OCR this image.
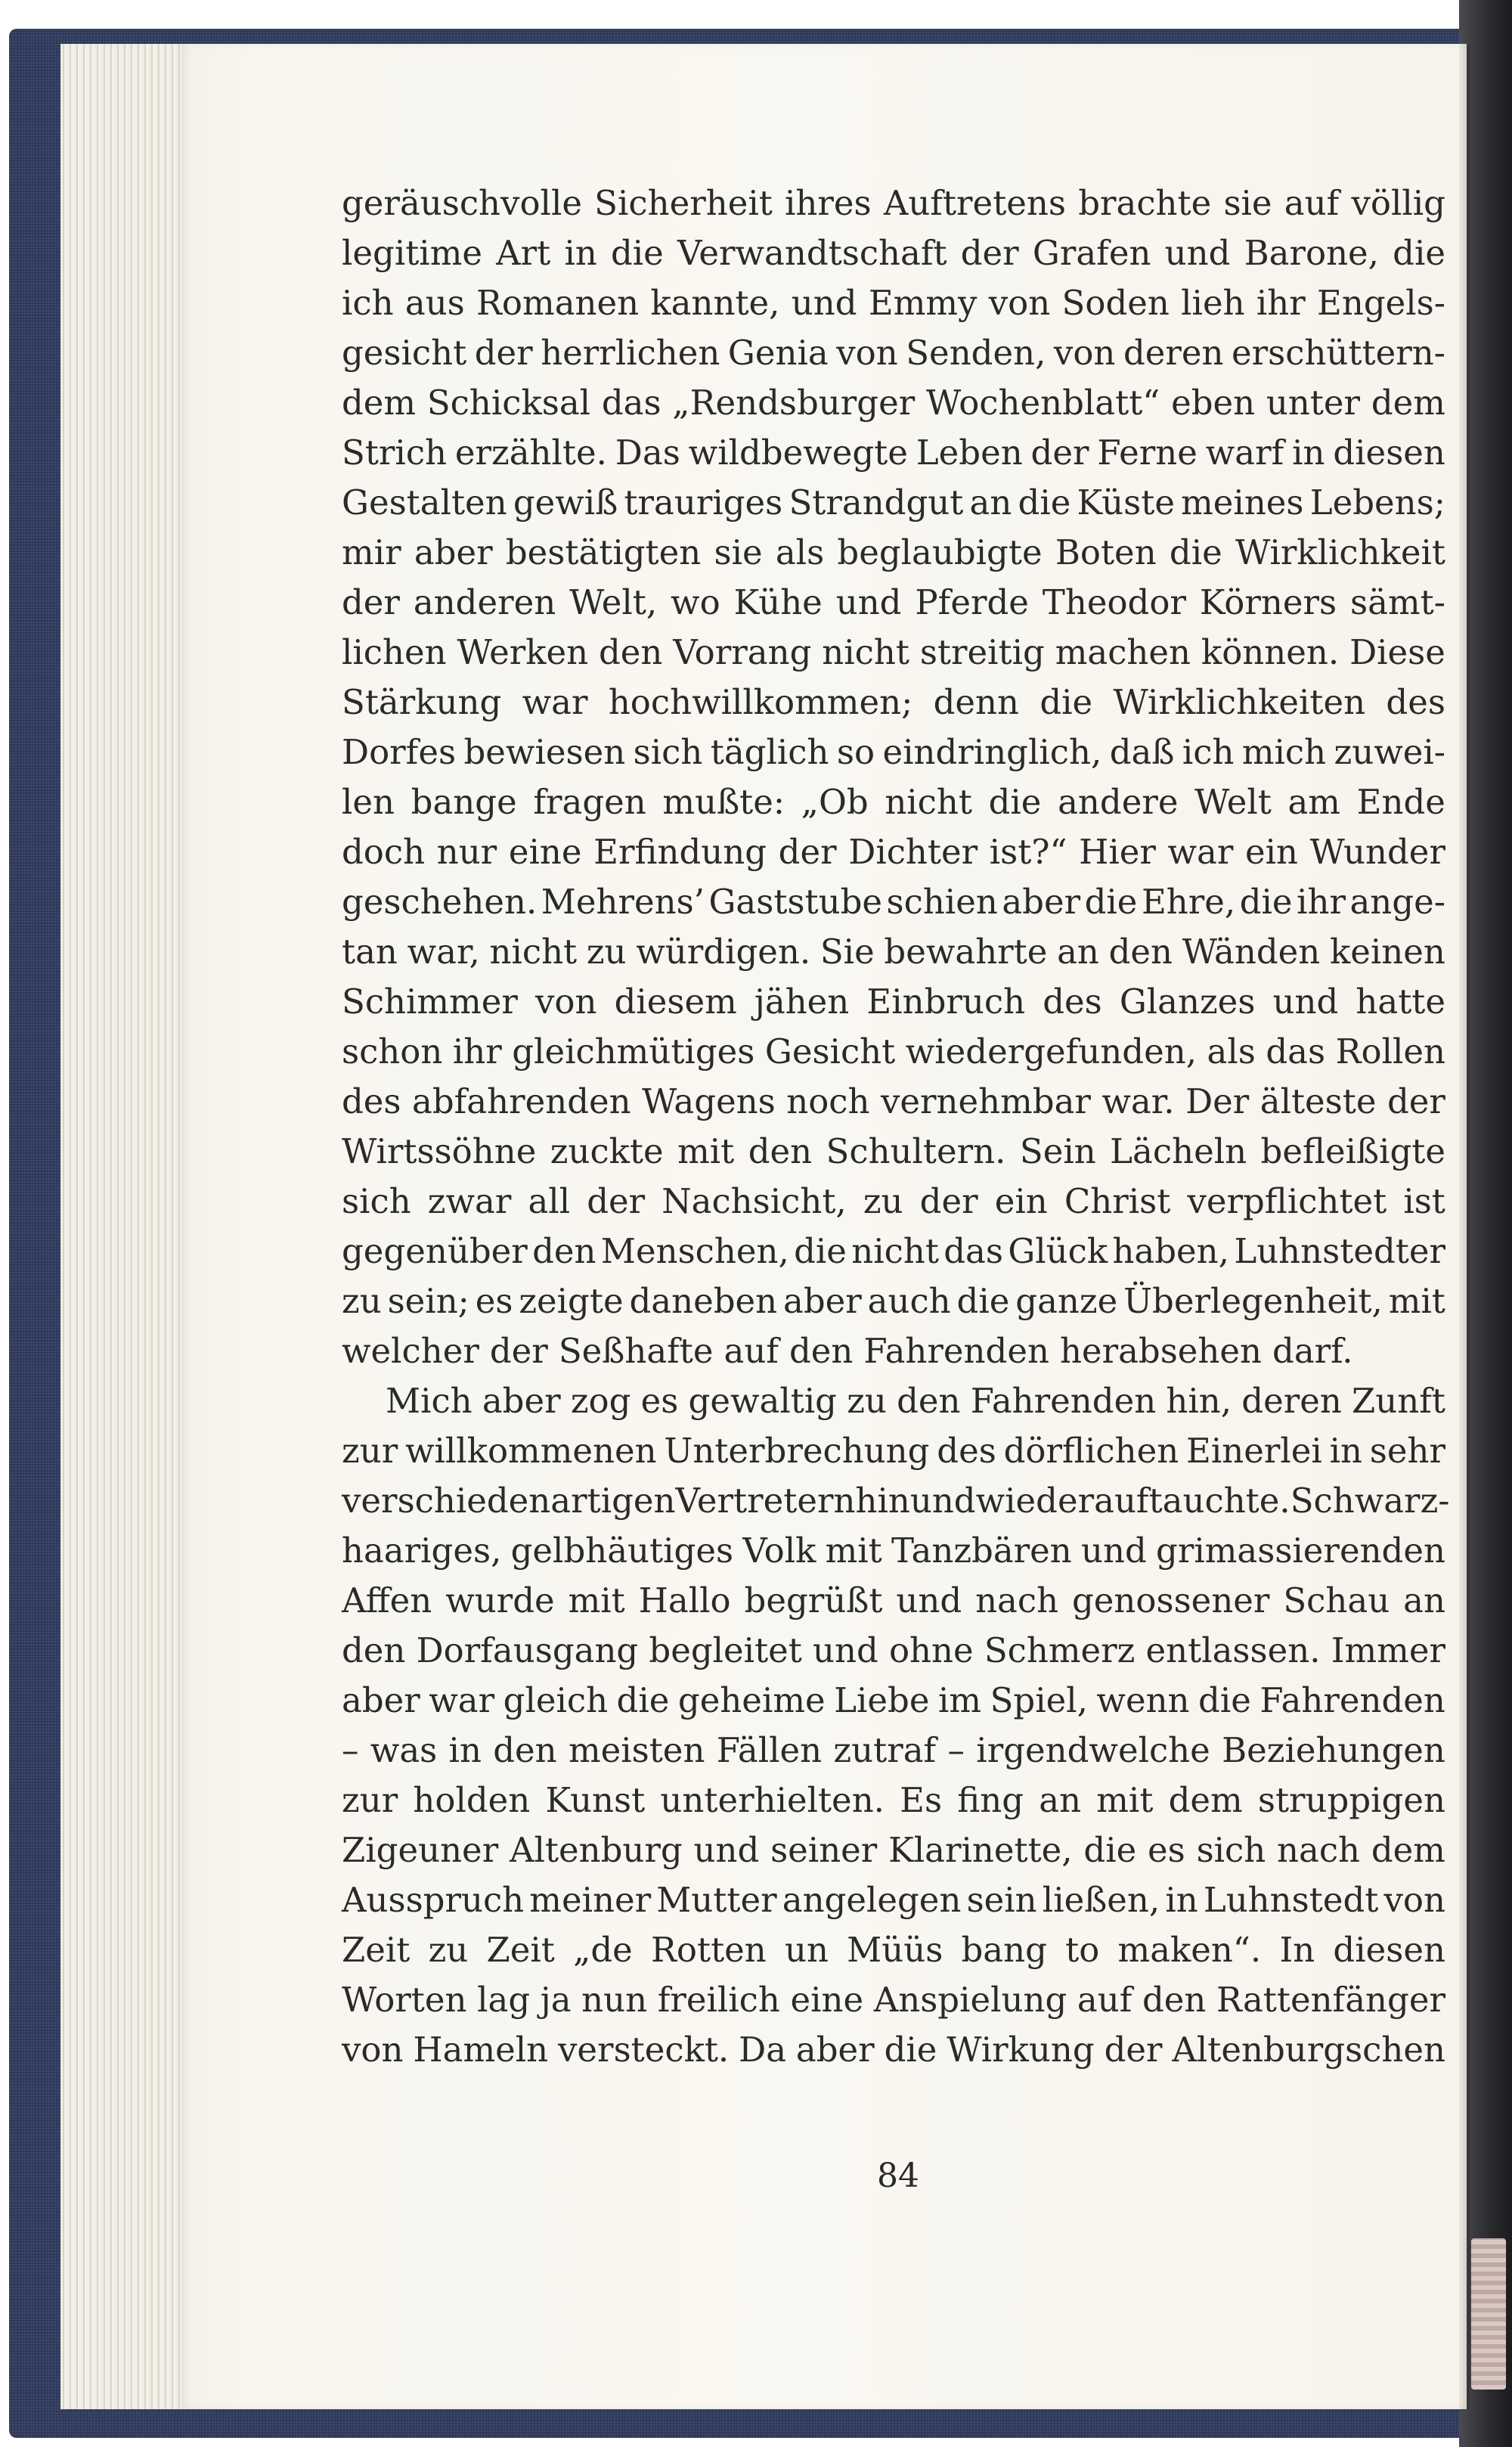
geräuschvolle Sicherheit ihres Auftretens brachte sie auf völlig
legitime Art in die Verwandtschaft der Grafen und Barone, die
ich aus Romanen kannte, und Emmy von Soden lieh ihr Engels-
gesicht der herrlichen Genia von Senden, von deren erschüttern-
dem Schicksal das „Rendsburger Wochenblatt“ eben unter dem
Strich erzählte. Das wildbewegte Leben der Ferne warf in diesen
Gestalten gewiß trauriges Strandgut an die Küste meines Lebens;
mir aber bestätigten sie als beglaubigte Boten die Wirklichkeit
der anderen Welt, wo Kühe und Pferde Theodor Körners sämt-
lichen Werken den Vorrang nicht streitig machen können. Diese
Stärkung war hochwillkommen; denn die Wirklichkeiten des
Dorfes bewiesen sich täglich so eindringlich, daß ich mich zuwei-
len bange fragen mußte: „Ob nicht die andere Welt am Ende
doch nur eine Erfindung der Dichter ist?“ Hier war ein Wunder
geschehen. Mehrens’ Gaststube schien aber die Ehre, die ihr ange-
tan war, nicht zu würdigen. Sie bewahrte an den Wänden keinen
Schimmer von diesem jähen Einbruch des Glanzes und hatte
schon ihr gleichmütiges Gesicht wiedergefunden, als das Rollen
des abfahrenden Wagens noch vernehmbar war. Der älteste der
Wirtssöhne zuckte mit den Schultern. Sein Lächeln befleißigte
sich zwar all der Nachsicht, zu der ein Christ verpflichtet ist
gegenüber den Menschen, die nicht das Glück haben, Luhnstedter
zu sein; es zeigte daneben aber auch die ganze Überlegenheit, mit
welcher der Seßhafte auf den Fahrenden herabsehen darf.
Mich aber zog es gewaltig zu den Fahrenden hin, deren Zunft
zur willkommenen Unterbrechung des dörflichen Einerlei in sehr
verschiedenartigen Vertretern hin und wieder auftauchte. Schwarz-
haariges, gelbhäutiges Volk mit Tanzbären und grimassierenden
Affen wurde mit Hallo begrüßt und nach genossener Schau an
den Dorfausgang begleitet und ohne Schmerz entlassen. Immer
aber war gleich die geheime Liebe im Spiel, wenn die Fahrenden
– was in den meisten Fällen zutraf – irgendwelche Beziehungen
zur holden Kunst unterhielten. Es fing an mit dem struppigen
Zigeuner Altenburg und seiner Klarinette, die es sich nach dem
Ausspruch meiner Mutter angelegen sein ließen, in Luhnstedt von
Zeit zu Zeit „de Rotten un Müüs bang to maken“. In diesen
Worten lag ja nun freilich eine Anspielung auf den Rattenfänger
von Hameln versteckt. Da aber die Wirkung der Altenburgschen
84
